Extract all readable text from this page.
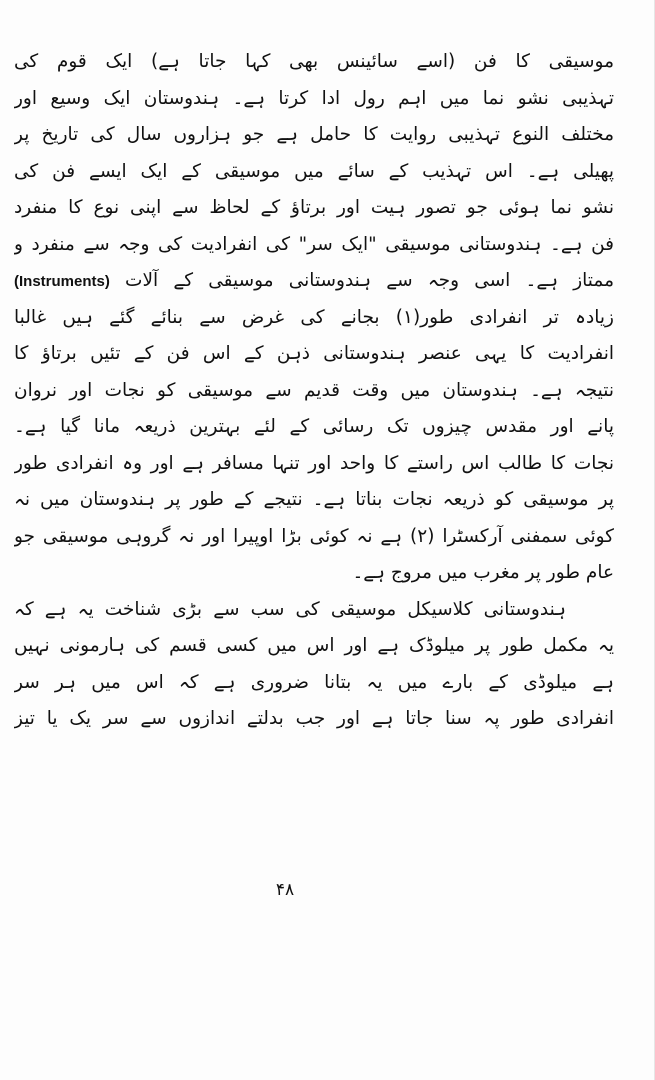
موسیقی کا فن (اسے سائینس بھی کہا جاتا ہے) ایک قوم کی
تہذیبی نشو نما میں اہم رول ادا کرتا ہے۔ ہندوستان ایک وسیع اور
مختلف النوع تہذیبی روایت کا حامل ہے جو ہزاروں سال کی تاریخ پر
پھیلی ہے۔ اس تہذیب کے سائے میں موسیقی کے ایک ایسے فن کی
نشو نما ہوئی جو تصور ہیت اور برتاؤ کے لحاظ سے اپنی نوع کا منفرد
فن ہے۔ ہندوستانی موسیقی "ایک سر" کی انفرادیت کی وجہ سے منفرد و
ممتاز ہے۔ اسی وجہ سے ہندوستانی موسیقی کے آلات (Instruments)
زیادہ تر انفرادی طور(۱) بجانے کی غرض سے بنائے گئے ہیں غالبا
انفرادیت کا یہی عنصر ہندوستانی ذہن کے اس فن کے تئیں برتاؤ کا
نتیجہ ہے۔ ہندوستان میں وقت قدیم سے موسیقی کو نجات اور نروان
پانے اور مقدس چیزوں تک رسائی کے لئے بہترین ذریعہ مانا گیا ہے۔
نجات کا طالب اس راستے کا واحد اور تنہا مسافر ہے اور وہ انفرادی طور
پر موسیقی کو ذریعہ نجات بناتا ہے۔ نتیجے کے طور پر ہندوستان میں نہ
کوئی سمفنی آرکسٹرا (۲) ہے نہ کوئی بڑا اوپیرا اور نہ گروہی موسیقی جو
عام طور پر مغرب میں مروج ہے۔
ہندوستانی کلاسیکل موسیقی کی سب سے بڑی شناخت یہ ہے کہ
یہ مکمل طور پر میلوڈک ہے اور اس میں کسی قسم کی ہارمونی نہیں
ہے میلوڈی کے بارے میں یہ بتانا ضروری ہے کہ اس میں ہر سر
انفرادی طور پہ سنا جاتا ہے اور جب بدلتے اندازوں سے سر یک یا تیز
۴۸
